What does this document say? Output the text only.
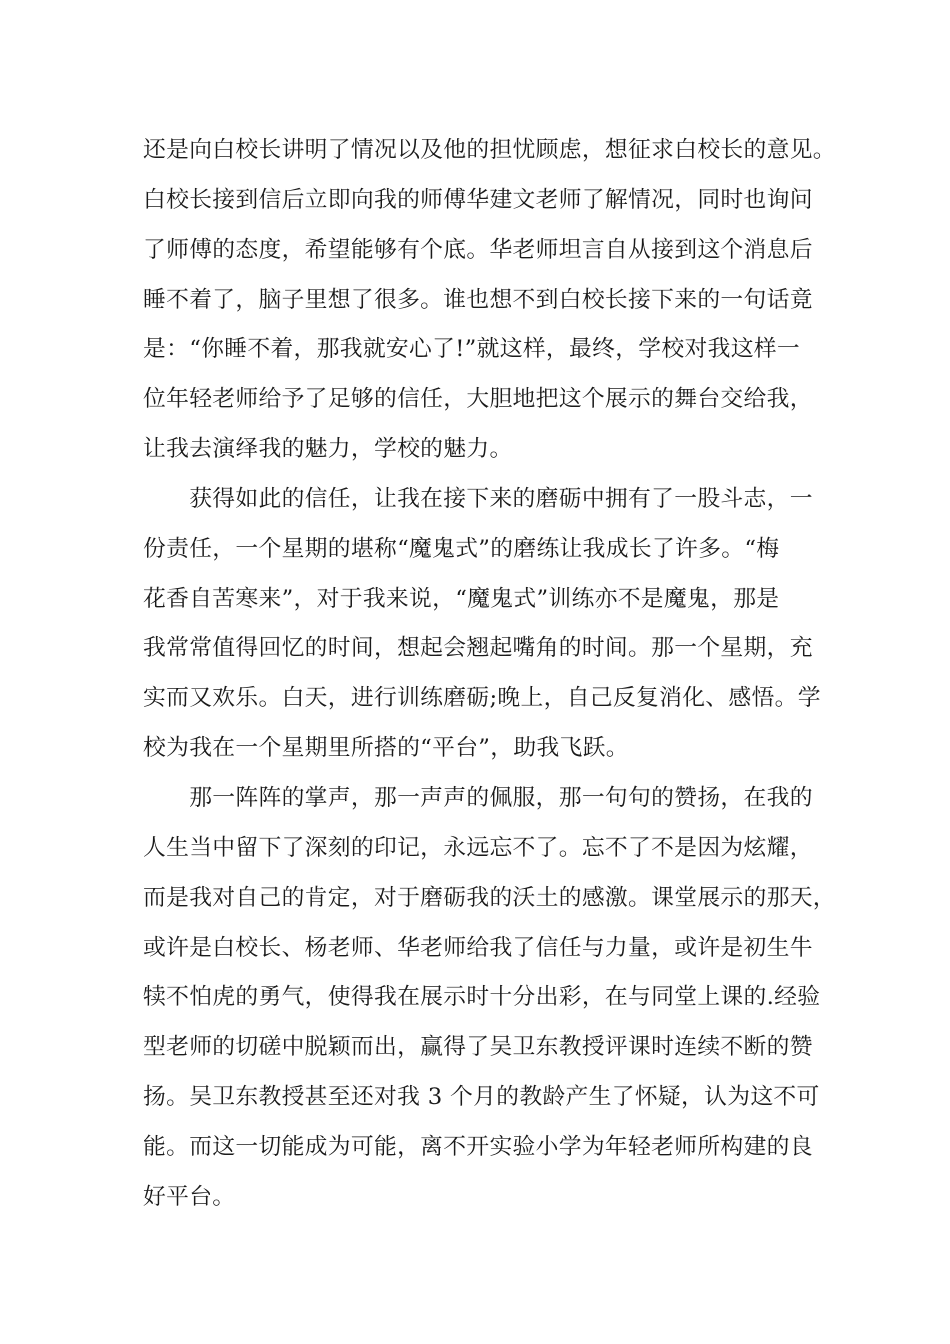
还是向白校长讲明了情况以及他的担忧顾虑，想征求白校长的意见。
白校长接到信后立即向我的师傅华建文老师了解情况，同时也询问
了师傅的态度，希望能够有个底。华老师坦言自从接到这个消息后
睡不着了，脑子里想了很多。谁也想不到白校长接下来的一句话竟
是：“你睡不着，那我就安心了!”就这样，最终，学校对我这样一
位年轻老师给予了足够的信任，大胆地把这个展示的舞台交给我，
让我去演绎我的魅力，学校的魅力。
　　获得如此的信任，让我在接下来的磨砺中拥有了一股斗志，一
份责任，一个星期的堪称“魔鬼式”的磨练让我成长了许多。“梅
花香自苦寒来”，对于我来说，“魔鬼式”训练亦不是魔鬼，那是
我常常值得回忆的时间，想起会翘起嘴角的时间。那一个星期，充
实而又欢乐。白天，进行训练磨砺;晚上，自己反复消化、感悟。学
校为我在一个星期里所搭的“平台”，助我飞跃。
　　那一阵阵的掌声，那一声声的佩服，那一句句的赞扬，在我的
人生当中留下了深刻的印记，永远忘不了。忘不了不是因为炫耀，
而是我对自己的肯定，对于磨砺我的沃土的感激。课堂展示的那天，
或许是白校长、杨老师、华老师给我了信任与力量，或许是初生牛
犊不怕虎的勇气，使得我在展示时十分出彩，在与同堂上课的.经验
型老师的切磋中脱颖而出，赢得了吴卫东教授评课时连续不断的赞
扬。吴卫东教授甚至还对我 3 个月的教龄产生了怀疑，认为这不可
能。而这一切能成为可能，离不开实验小学为年轻老师所构建的良
好平台。
